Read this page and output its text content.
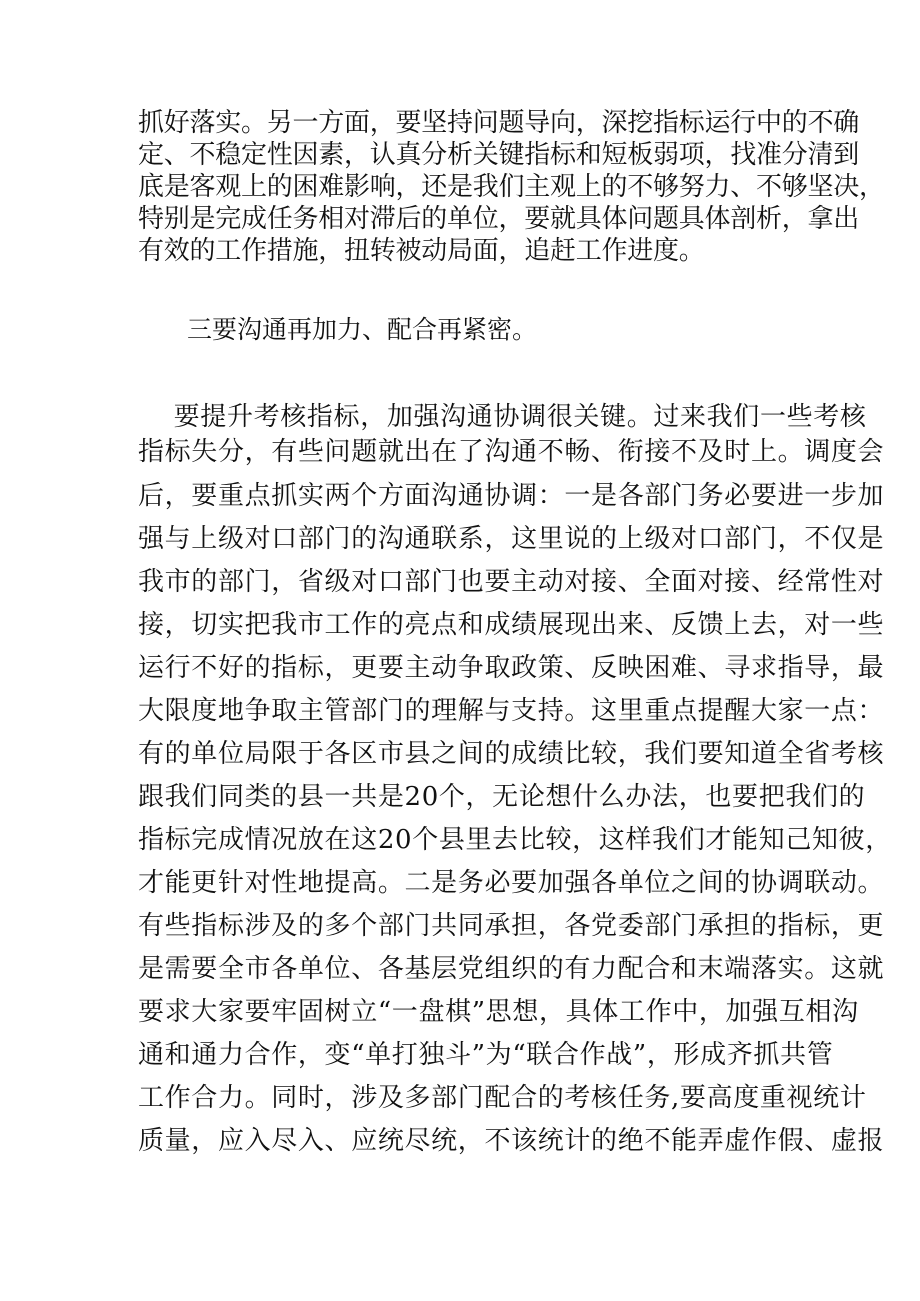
抓好落实。另一方面，要坚持问题导向，深挖指标运行中的不确
定、不稳定性因素，认真分析关键指标和短板弱项，找准分清到
底是客观上的困难影响，还是我们主观上的不够努力、不够坚决，
特别是完成任务相对滞后的单位，要就具体问题具体剖析，拿出
有效的工作措施，扭转被动局面，追赶工作进度。
三要沟通再加力、配合再紧密。
要提升考核指标，加强沟通协调很关键。过来我们一些考核
指标失分，有些问题就出在了沟通不畅、衔接不及时上。调度会
后，要重点抓实两个方面沟通协调：一是各部门务必要进一步加
强与上级对口部门的沟通联系，这里说的上级对口部门，不仅是
我市的部门，省级对口部门也要主动对接、全面对接、经常性对
接，切实把我市工作的亮点和成绩展现出来、反馈上去，对一些
运行不好的指标，更要主动争取政策、反映困难、寻求指导，最
大限度地争取主管部门的理解与支持。这里重点提醒大家一点：
有的单位局限于各区市县之间的成绩比较，我们要知道全省考核
跟我们同类的县一共是20个，无论想什么办法，也要把我们的
指标完成情况放在这20个县里去比较，这样我们才能知己知彼，
才能更针对性地提高。二是务必要加强各单位之间的协调联动。
有些指标涉及的多个部门共同承担，各党委部门承担的指标，更
是需要全市各单位、各基层党组织的有力配合和末端落实。这就
要求大家要牢固树立“一盘棋”思想，具体工作中，加强互相沟
通和通力合作，变“单打独斗”为“联合作战”，形成齐抓共管
工作合力。同时，涉及多部门配合的考核任务,要高度重视统计
质量，应入尽入、应统尽统，不该统计的绝不能弄虚作假、虚报
